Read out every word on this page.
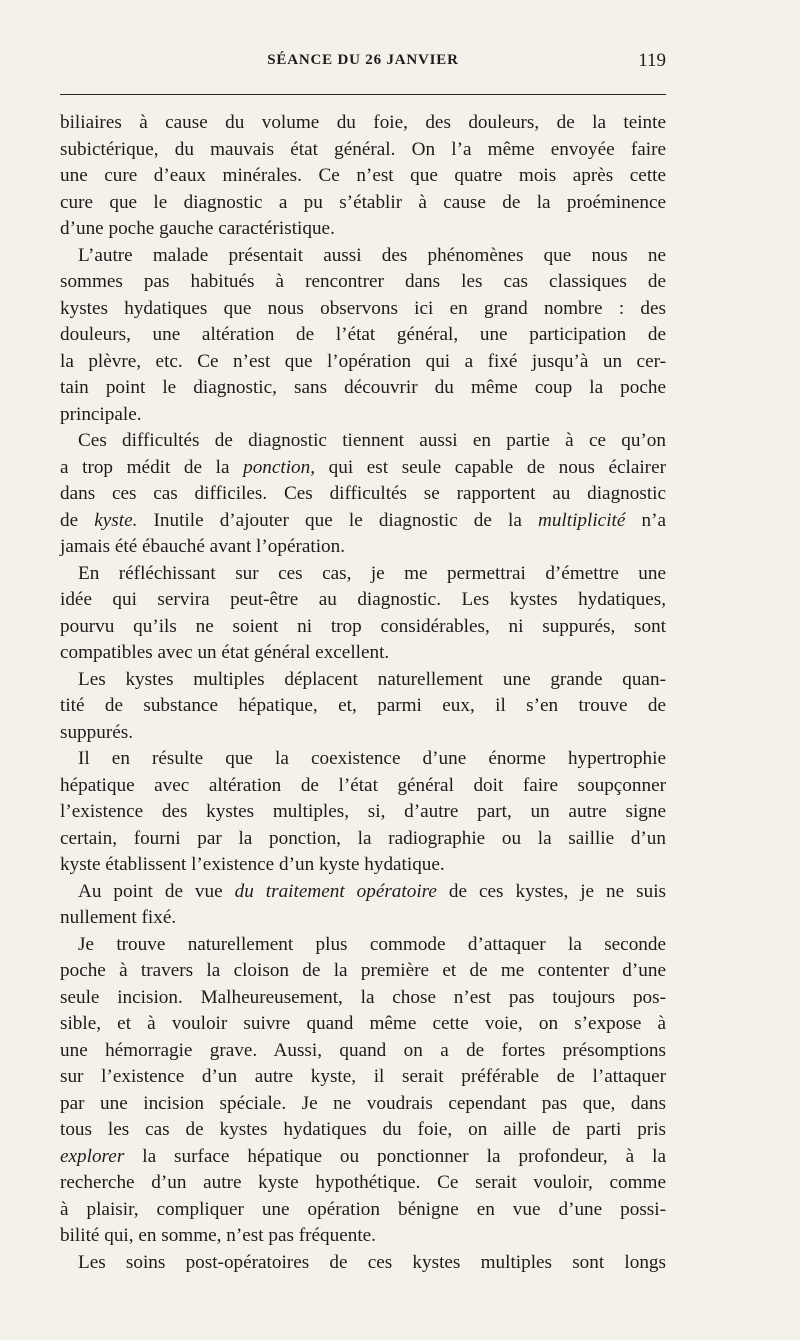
SÉANCE DU 26 JANVIER	119

biliaires à cause du volume du foie, des douleurs, de la teinte
subictérique, du mauvais état général. On l’a même envoyée faire
une cure d’eaux minérales. Ce n’est que quatre mois après cette
cure que le diagnostic a pu s’établir à cause de la proéminence
d’une poche gauche caractéristique.

L’autre malade présentait aussi des phénomènes que nous ne
sommes pas habitués à rencontrer dans les cas classiques de
kystes hydatiques que nous observons ici en grand nombre : des
douleurs, une altération de l’état général, une participation de
la plèvre, etc. Ce n’est que l’opération qui a fixé jusqu’à un cer-
tain point le diagnostic, sans découvrir du même coup la poche
principale.

Ces difficultés de diagnostic tiennent aussi en partie à ce qu’on
a trop médit de la ponction, qui est seule capable de nous éclairer
dans ces cas difficiles. Ces difficultés se rapportent au diagnostic
de kyste. Inutile d’ajouter que le diagnostic de la multiplicité n’a
jamais été ébauché avant l’opération.

En réfléchissant sur ces cas, je me permettrai d’émettre une
idée qui servira peut-être au diagnostic. Les kystes hydatiques,
pourvu qu’ils ne soient ni trop considérables, ni suppurés, sont
compatibles avec un état général excellent.

Les kystes multiples déplacent naturellement une grande quan-
tité de substance hépatique, et, parmi eux, il s’en trouve de
suppurés.

Il en résulte que la coexistence d’une énorme hypertrophie
hépatique avec altération de l’état général doit faire soupçonner
l’existence des kystes multiples, si, d’autre part, un autre signe
certain, fourni par la ponction, la radiographie ou la saillie d’un
kyste établissent l’existence d’un kyste hydatique.

Au point de vue du traitement opératoire de ces kystes, je ne suis
nullement fixé.

Je trouve naturellement plus commode d’attaquer la seconde
poche à travers la cloison de la première et de me contenter d’une
seule incision. Malheureusement, la chose n’est pas toujours pos-
sible, et à vouloir suivre quand même cette voie, on s’expose à
une hémorragie grave. Aussi, quand on a de fortes présomptions
sur l’existence d’un autre kyste, il serait préférable de l’attaquer
par une incision spéciale. Je ne voudrais cependant pas que, dans
tous les cas de kystes hydatiques du foie, on aille de parti pris
explorer la surface hépatique ou ponctionner la profondeur, à la
recherche d’un autre kyste hypothétique. Ce serait vouloir, comme
à plaisir, compliquer une opération bénigne en vue d’une possi-
bilité qui, en somme, n’est pas fréquente.

Les soins post-opératoires de ces kystes multiples sont longs
